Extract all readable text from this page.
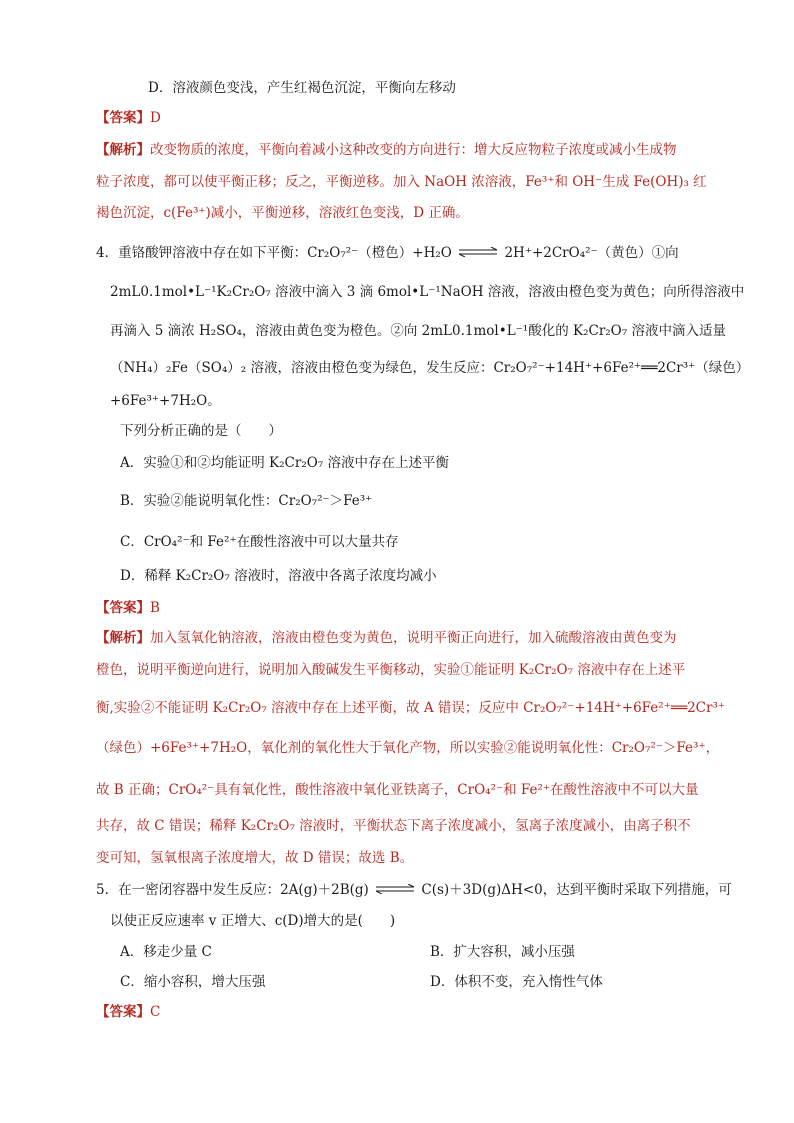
D．溶液颜色变浅，产生红褐色沉淀，平衡向左移动
【答案】D
【解析】改变物质的浓度，平衡向着减小这种改变的方向进行：增大反应物粒子浓度或减小生成物
粒子浓度，都可以使平衡正移；反之，平衡逆移。加入 NaOH 浓溶液，Fe³⁺和 OH⁻生成 Fe(OH)₃ 红
褐色沉淀，c(Fe³⁺)减小，平衡逆移，溶液红色变浅，D 正确。
4．重铬酸钾溶液中存在如下平衡：Cr₂O₇²⁻（橙色）+H₂O ⇌ 2H⁺+2CrO₄²⁻（黄色）①向
2mL0.1mol•L⁻¹K₂Cr₂O₇ 溶液中滴入 3 滴 6mol•L⁻¹NaOH 溶液，溶液由橙色变为黄色；向所得溶液中
再滴入 5 滴浓 H₂SO₄，溶液由黄色变为橙色。②向 2mL0.1mol•L⁻¹酸化的 K₂Cr₂O₇ 溶液中滴入适量
（NH₄）₂Fe（SO₄）₂ 溶液，溶液由橙色变为绿色，发生反应：Cr₂O₇²⁻+14H⁺+6Fe²⁺══2Cr³⁺（绿色）
+6Fe³⁺+7H₂O。
下列分析正确的是（　　）
A．实验①和②均能证明 K₂Cr₂O₇ 溶液中存在上述平衡
B．实验②能说明氧化性：Cr₂O₇²⁻＞Fe³⁺
C．CrO₄²⁻和 Fe²⁺在酸性溶液中可以大量共存
D．稀释 K₂Cr₂O₇ 溶液时，溶液中各离子浓度均减小
【答案】B
【解析】加入氢氧化钠溶液，溶液由橙色变为黄色，说明平衡正向进行，加入硫酸溶液由黄色变为
橙色，说明平衡逆向进行，说明加入酸碱发生平衡移动，实验①能证明 K₂Cr₂O₇ 溶液中存在上述平
衡,实验②不能证明 K₂Cr₂O₇ 溶液中存在上述平衡，故 A 错误；反应中 Cr₂O₇²⁻+14H⁺+6Fe²⁺══2Cr³⁺
（绿色）+6Fe³⁺+7H₂O，氧化剂的氧化性大于氧化产物，所以实验②能说明氧化性：Cr₂O₇²⁻＞Fe³⁺，
故 B 正确；CrO₄²⁻具有氧化性，酸性溶液中氧化亚铁离子，CrO₄²⁻和 Fe²⁺在酸性溶液中不可以大量
共存，故 C 错误；稀释 K₂Cr₂O₇ 溶液时，平衡状态下离子浓度减小，氢离子浓度减小，由离子积不
变可知，氢氧根离子浓度增大，故 D 错误；故选 B。
5．在一密闭容器中发生反应：2A(g)＋2B(g) ⇌ C(s)＋3D(g)ΔH<0，达到平衡时采取下列措施，可
以使正反应速率 v 正增大、c(D)增大的是(　　)
A．移走少量 C	B．扩大容积，减小压强
C．缩小容积，增大压强	D．体积不变，充入惰性气体
【答案】C
